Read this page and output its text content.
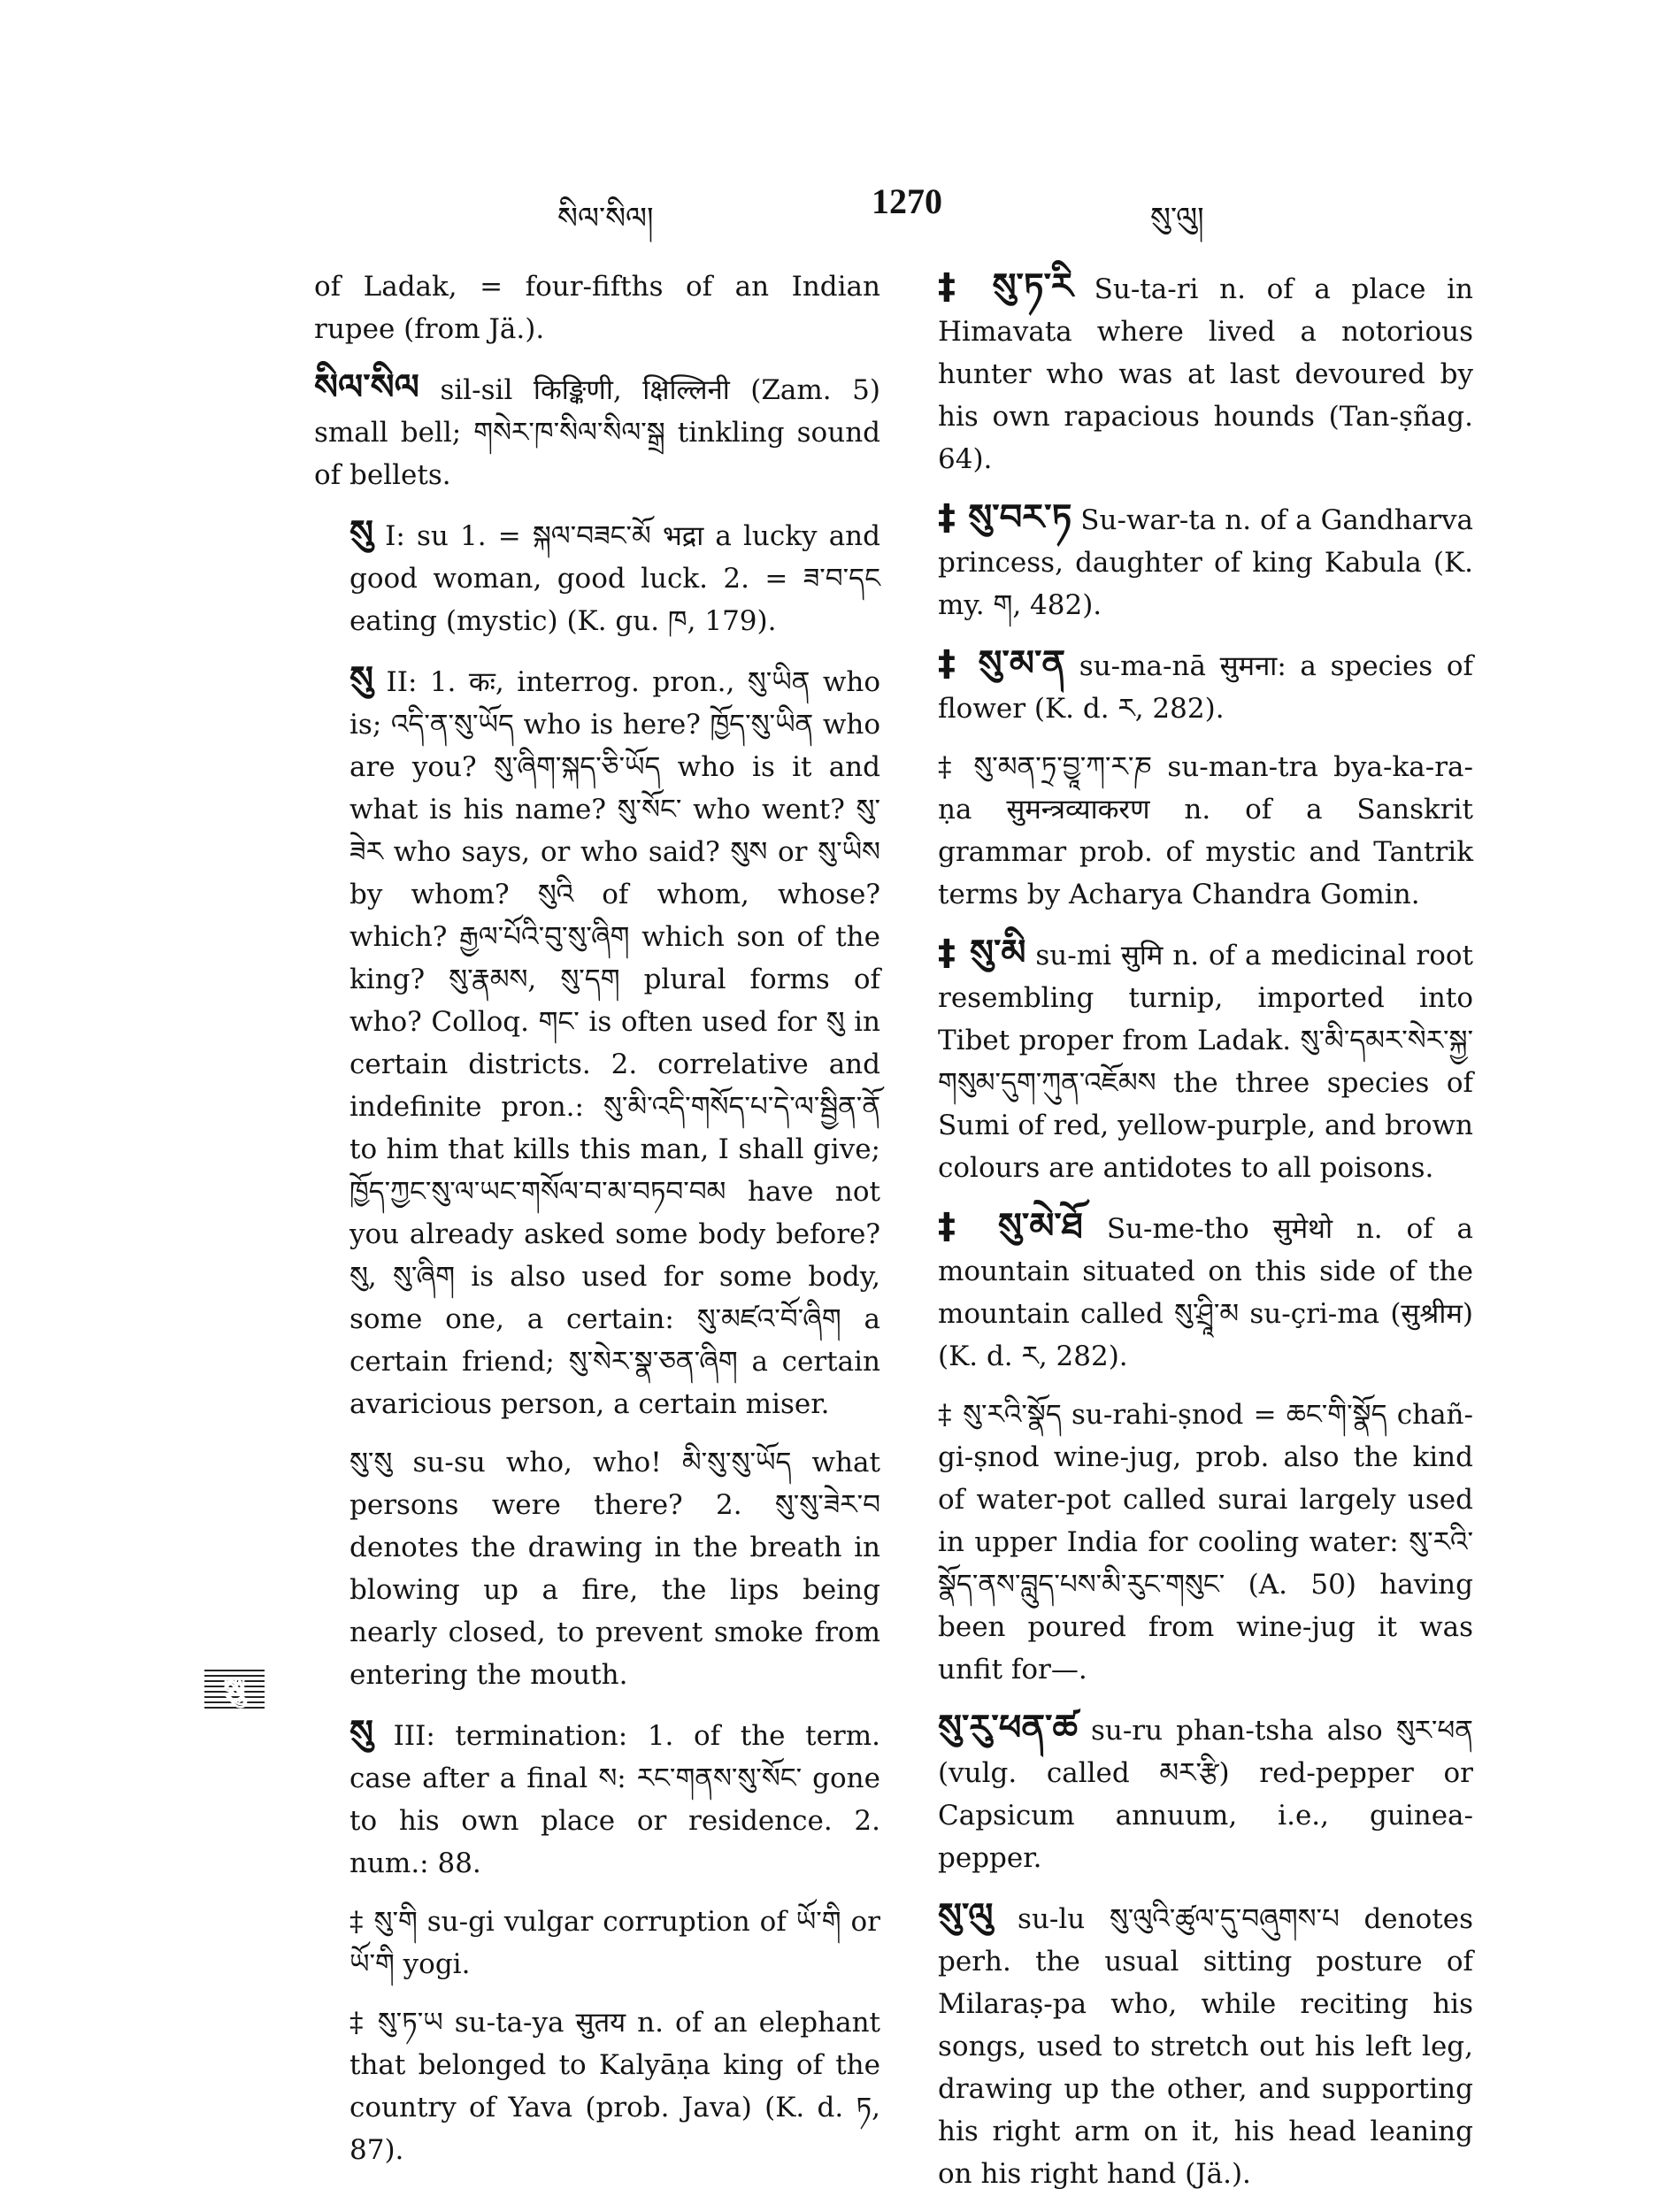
སིལ་སིལ།	1270	སུ་ལུ།
སུ

of Ladak, = four-fifths of an Indian rupee (from Jä.).

སིལ་སིལ sil-sil किङ्किणी, क्षिल्लिनी (Zam. 5) small bell; གསེར་ཁ་སིལ་སིལ་སྒྲ tinkling sound of bellets.

སུ I: su 1. = སྐལ་བཟང་མོ भद्रा a lucky and good woman, good luck. 2. = ཟ་བ་དང eating (mystic) (K. gu. ཁ, 179).

སུ II: 1. कः, interrog. pron., སུ་ཡིན who is; འདི་ན་སུ་ཡོད who is here? ཁྱོད་སུ་ཡིན who are you? སུ་ཞིག་སྐད་ཅི་ཡོད who is it and what is his name? སུ་སོང་ who went? སུ་ཟེར who says, or who said? སུས or སུ་ཡིས by whom? སུའི of whom, whose? which? རྒྱལ་པོའི་བུ་སུ་ཞིག which son of the king? སུ་རྣམས, སུ་དག plural forms of who? Colloq. གང་ is often used for སུ in certain districts. 2. correlative and indefinite pron.: སུ་མི་འདི་གསོད་པ་དེ་ལ་སྦྱིན་ནོ to him that kills this man, I shall give; ཁྱོད་ཀྱང་སུ་ལ་ཡང་གསོལ་བ་མ་བཏབ་བམ have not you already asked some body before? སུ, སུ་ཞིག is also used for some body, some one, a certain: སུ་མཛའ་བོ་ཞིག a certain friend; སུ་སེར་སྣ་ཅན་ཞིག a certain avaricious person, a certain miser.

སུ་སུ su-su who, who! མི་སུ་སུ་ཡོད what persons were there? 2. སུ་སུ་ཟེར་བ denotes the drawing in the breath in blowing up a fire, the lips being nearly closed, to prevent smoke from entering the mouth.

སུ III: termination: 1. of the term. case after a final ས: རང་གནས་སུ་སོང་ gone to his own place or residence. 2. num.: 88.

‡ སུ་གི su-gi vulgar corruption of ཡོ་གི or ཡོ་གི yogi.

‡ སུ་ཏ་ཡ su-ta-ya सुतय n. of an elephant that belonged to Kalyāṇa king of the country of Yava (prob. Java) (K. d. ཏ, 87).

‡ སུ་ཏ་རི Su-ta-ri n. of a place in Himavata where lived a notorious hunter who was at last devoured by his own rapacious hounds (Tan-ṣñag. 64).

‡ སུ་བར་ཏ Su-war-ta n. of a Gandharva princess, daughter of king Kabula (K. my. ག, 482).

‡ སུ་མ་ན su-ma-nā सुमना: a species of flower (K. d. ར, 282).

‡ སུ་མན་ཏྲ་བྱཱ་ཀ་ར་ཎ su-man-tra bya-ka-ra-ṇa सुमन्त्रव्याकरण n. of a Sanskrit grammar prob. of mystic and Tantrik terms by Acharya Chandra Gomin.

‡ སུ་མི su-mi सुमि n. of a medicinal root resembling turnip, imported into Tibet proper from Ladak. སུ་མི་དམར་སེར་སྐྱ་གསུམ་དུག་ཀུན་འཇོམས the three species of Sumi of red, yellow-purple, and brown colours are antidotes to all poisons.

‡ སུ་མེ་ཐོ Su-me-tho सुमेथो n. of a mountain situated on this side of the mountain called སུ་ཤྲཱི་མ su-çri-ma (सुश्रीम) (K. d. ར, 282).

‡ སུ་རའི་སྣོད su-rahi-ṣnod = ཆང་གི་སྣོད chañ-gi-ṣnod wine-jug, prob. also the kind of water-pot called surai largely used in upper India for cooling water: སུ་རའི་སྣོད་ནས་བླུད་པས་མི་རུང་གསུང་ (A. 50) having been poured from wine-jug it was unfit for—.

སུ་རུ་ཕན་ཚ su-ru phan-tsha also སུར་ཕན (vulg. called མར་རྩི) red-pepper or Capsicum annuum, i.e., guinea-pepper.

སུ་ལུ su-lu སུ་ལུའི་ཚུལ་དུ་བཞུགས་པ denotes perh. the usual sitting posture of Milaraṣ-pa who, while reciting his songs, used to stretch out his left leg, drawing up the other, and supporting his right arm on it, his head leaning on his right hand (Jä.).
